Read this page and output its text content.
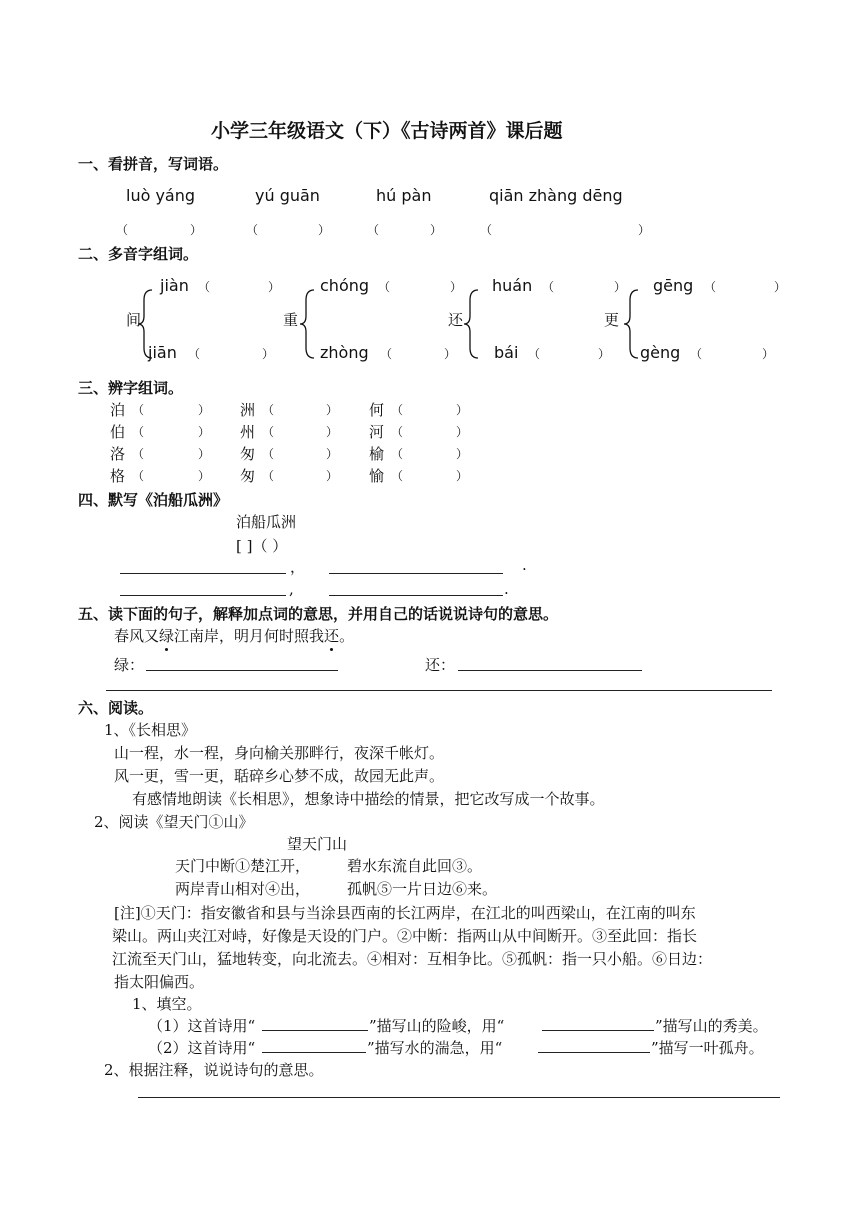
小学三年级语文（下）《古诗两首》课后题
一、看拼音，写词语。
luò yáng	yú guān	hú pàn	qiān zhàng dēng
（	）	（	）	（	）	（	）
二、多音字组词。
jiàn （	）
间
jiān （	）
chóng （	）
重
zhòng （	）
huán （	）
还
bái （	）
gēng （	）
更
gèng （	）
三、辨字组词。
泊 （	） 洲 （	） 何 （	）
伯 （	） 州 （	） 河 （	）
洛 （	） 匆 （	） 榆 （	）
格 （	） 匆 （	） 愉 （	）
四、默写《泊船瓜洲》
泊船瓜洲
[ ]（ ）
，	.
,	.
五、读下面的句子，解释加点词的意思，并用自己的话说说诗句的意思。
春风又绿江南岸，明月何时照我还。
绿：	还：
六、阅读。
1、《长相思》
山一程，水一程，身向榆关那畔行，夜深千帐灯。
风一更，雪一更，聒碎乡心梦不成，故园无此声。
有感情地朗读《长相思》，想象诗中描绘的情景，把它改写成一个故事。
2、阅读《望天门①山》
望天门山
天门中断①楚江开， 碧水东流自此回③。
两岸青山相对④出， 孤帆⑤一片日边⑥来。
[注]①天门：指安徽省和县与当涂县西南的长江两岸，在江北的叫西梁山，在江南的叫东
梁山。两山夹江对峙，好像是天设的门户。②中断：指两山从中间断开。③至此回：指长
江流至天门山，猛地转变，向北流去。④相对：互相争比。⑤孤帆：指一只小船。⑥日边：
指太阳偏西。
1、填空。
（1）这首诗用“	”描写山的险峻，用“	”描写山的秀美。
（2）这首诗用“	”描写水的湍急，用“	”描写一叶孤舟。
2、根据注释，说说诗句的意思。
